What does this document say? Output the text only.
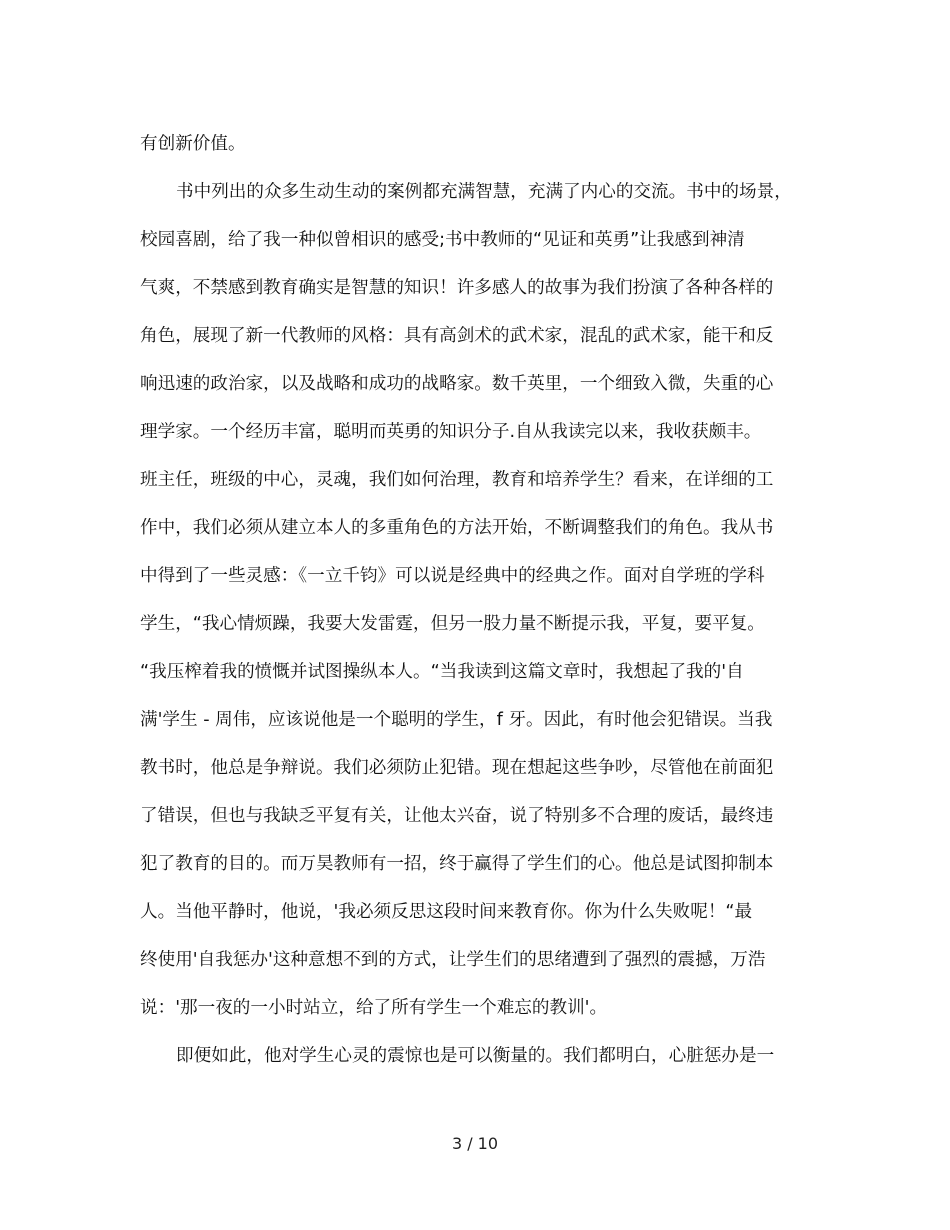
有创新价值。
书中列出的众多生动生动的案例都充满智慧，充满了内心的交流。书中的场景，
校园喜剧，给了我一种似曾相识的感受;书中教师的“见证和英勇”让我感到神清
气爽，不禁感到教育确实是智慧的知识！许多感人的故事为我们扮演了各种各样的
角色，展现了新一代教师的风格：具有高剑术的武术家，混乱的武术家，能干和反
响迅速的政治家，以及战略和成功的战略家。数千英里，一个细致入微，失重的心
理学家。一个经历丰富，聪明而英勇的知识分子.自从我读完以来，我收获颇丰。
班主任，班级的中心，灵魂，我们如何治理，教育和培养学生？看来，在详细的工
作中，我们必须从建立本人的多重角色的方法开始，不断调整我们的角色。我从书
中得到了一些灵感：《一立千钧》可以说是经典中的经典之作。面对自学班的学科
学生，“我心情烦躁，我要大发雷霆，但另一股力量不断提示我，平复，要平复。
“我压榨着我的愤慨并试图操纵本人。“当我读到这篇文章时，我想起了我的'自
满'学生 - 周伟，应该说他是一个聪明的学生，f 牙。因此，有时他会犯错误。当我
教书时，他总是争辩说。我们必须防止犯错。现在想起这些争吵，尽管他在前面犯
了错误，但也与我缺乏平复有关，让他太兴奋，说了特别多不合理的废话，最终违
犯了教育的目的。而万昊教师有一招，终于赢得了学生们的心。他总是试图抑制本
人。当他平静时，他说，'我必须反思这段时间来教育你。你为什么失败呢！“最
终使用'自我惩办'这种意想不到的方式，让学生们的思绪遭到了强烈的震撼，万浩
说：'那一夜的一小时站立，给了所有学生一个难忘的教训'。
即便如此，他对学生心灵的震惊也是可以衡量的。我们都明白，心脏惩办是一
3 / 10
